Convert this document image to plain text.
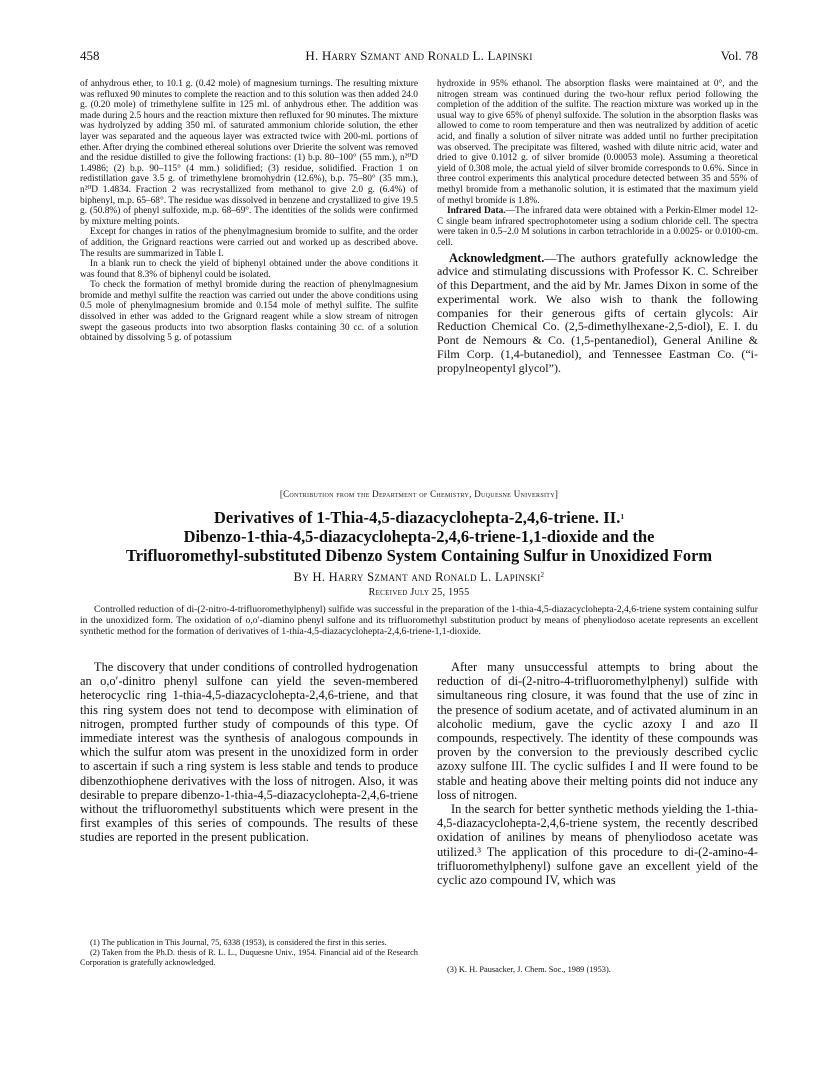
458	H. Harry Szmant and Ronald L. Lapinski	Vol. 78

of anhydrous ether, to 10.1 g. (0.42 mole) of magnesium turnings. The resulting mixture was refluxed 90 minutes to complete the reaction and to this solution was then added 24.0 g. (0.20 mole) of trimethylene sulfite in 125 ml. of anhydrous ether. The addition was made during 2.5 hours and the reaction mixture then refluxed for 90 minutes. The mixture was hydrolyzed by adding 350 ml. of saturated ammonium chloride solution, the ether layer was separated and the aqueous layer was extracted twice with 200-ml. portions of ether. After drying the combined ethereal solutions over Drierite the solvent was removed and the residue distilled to give the following fractions: (1) b.p. 80–100° (55 mm.), n²⁰D 1.4986; (2) b.p. 90–115° (4 mm.) solidified; (3) residue, solidified. Fraction 1 on redistillation gave 3.5 g. of trimethylene bromohydrin (12.6%), b.p. 75–80° (35 mm.), n²⁰D 1.4834. Fraction 2 was recrystallized from methanol to give 2.0 g. (6.4%) of biphenyl, m.p. 65–68°. The residue was dissolved in benzene and crystallized to give 19.5 g. (50.8%) of phenyl sulfoxide, m.p. 68–69°. The identities of the solids were confirmed by mixture melting points.

Except for changes in ratios of the phenylmagnesium bromide to sulfite, and the order of addition, the Grignard reactions were carried out and worked up as described above. The results are summarized in Table I.

In a blank run to check the yield of biphenyl obtained under the above conditions it was found that 8.3% of biphenyl could be isolated.

To check the formation of methyl bromide during the reaction of phenylmagnesium bromide and methyl sulfite the reaction was carried out under the above conditions using 0.5 mole of phenylmagnesium bromide and 0.154 mole of methyl sulfite. The sulfite dissolved in ether was added to the Grignard reagent while a slow stream of nitrogen swept the gaseous products into two absorption flasks containing 30 cc. of a solution obtained by dissolving 5 g. of potassium

hydroxide in 95% ethanol. The absorption flasks were maintained at 0°, and the nitrogen stream was continued during the two-hour reflux period following the completion of the addition of the sulfite. The reaction mixture was worked up in the usual way to give 65% of phenyl sulfoxide. The solution in the absorption flasks was allowed to come to room temperature and then was neutralized by addition of acetic acid, and finally a solution of silver nitrate was added until no further precipitation was observed. The precipitate was filtered, washed with dilute nitric acid, water and dried to give 0.1012 g. of silver bromide (0.00053 mole). Assuming a theoretical yield of 0.308 mole, the actual yield of silver bromide corresponds to 0.6%. Since in three control experiments this analytical procedure detected between 35 and 55% of methyl bromide from a methanolic solution, it is estimated that the maximum yield of methyl bromide is 1.8%.

Infrared Data.—The infrared data were obtained with a Perkin-Elmer model 12-C single beam infrared spectrophotometer using a sodium chloride cell. The spectra were taken in 0.5–2.0 M solutions in carbon tetrachloride in a 0.0025- or 0.0100-cm. cell.

Acknowledgment.—The authors gratefully acknowledge the advice and stimulating discussions with Professor K. C. Schreiber of this Department, and the aid by Mr. James Dixon in some of the experimental work. We also wish to thank the following companies for their generous gifts of certain glycols: Air Reduction Chemical Co. (2,5-dimethylhexane-2,5-diol), E. I. du Pont de Nemours & Co. (1,5-pentanediol), General Aniline & Film Corp. (1,4-butanediol), and Tennessee Eastman Co. (“i-propylneopentyl glycol”).
[Contribution from the Department of Chemistry, Duquesne University]
Derivatives of 1-Thia-4,5-diazacyclohepta-2,4,6-triene. II.$^1$
Dibenzo-1-thia-4,5-diazacyclohepta-2,4,6-triene-1,1-dioxide and the
Trifluoromethyl-substituted Dibenzo System Containing Sulfur in Unoxidized Form
By H. Harry Szmant and Ronald L. Lapinski$^2$
Received July 25, 1955
Controlled reduction of di-(2-nitro-4-trifluoromethylphenyl) sulfide was successful in the preparation of the 1-thia-4,5-diazacyclohepta-2,4,6-triene system containing sulfur in the unoxidized form. The oxidation of o,o′-diamino phenyl sulfone and its trifluoromethyl substitution product by means of phenyliodoso acetate represents an excellent synthetic method for the formation of derivatives of 1-thia-4,5-diazacyclohepta-2,4,6-triene-1,1-dioxide.

The discovery that under conditions of controlled hydrogenation an o,o′-dinitro phenyl sulfone can yield the seven-membered heterocyclic ring 1-thia-4,5-diazacyclohepta-2,4,6-triene, and that this ring system does not tend to decompose with elimination of nitrogen, prompted further study of compounds of this type. Of immediate interest was the synthesis of analogous compounds in which the sulfur atom was present in the unoxidized form in order to ascertain if such a ring system is less stable and tends to produce dibenzothiophene derivatives with the loss of nitrogen. Also, it was desirable to prepare dibenzo-1-thia-4,5-diazacyclohepta-2,4,6-triene without the trifluoromethyl substituents which were present in the first examples of this series of compounds. The results of these studies are reported in the present publication.

(1) The publication in This Journal, 75, 6338 (1953), is considered the first in this series.

(2) Taken from the Ph.D. thesis of R. L. L., Duquesne Univ., 1954. Financial aid of the Research Corporation is gratefully acknowledged.

After many unsuccessful attempts to bring about the reduction of di-(2-nitro-4-trifluoromethylphenyl) sulfide with simultaneous ring closure, it was found that the use of zinc in the presence of sodium acetate, and of activated aluminum in an alcoholic medium, gave the cyclic azoxy I and azo II compounds, respectively. The identity of these compounds was proven by the conversion to the previously described cyclic azoxy sulfone III. The cyclic sulfides I and II were found to be stable and heating above their melting points did not induce any loss of nitrogen.

In the search for better synthetic methods yielding the 1-thia-4,5-diazacyclohepta-2,4,6-triene system, the recently described oxidation of anilines by means of phenyliodoso acetate was utilized.³ The application of this procedure to di-(2-amino-4-trifluoromethylphenyl) sulfone gave an excellent yield of the cyclic azo compound IV, which was

(3) K. H. Pausacker, J. Chem. Soc., 1989 (1953).
